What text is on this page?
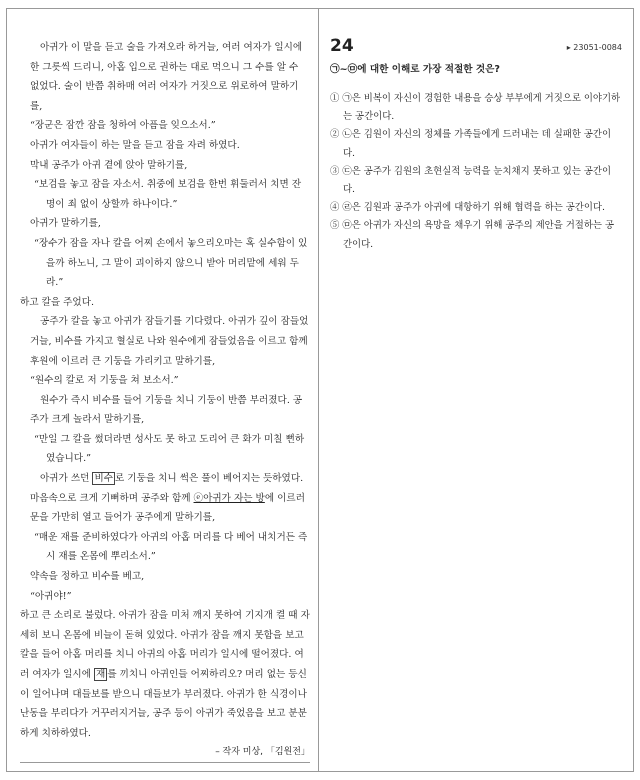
아귀가 이 말을 듣고 술을 가져오라 하거늘, 여러 여자가 일시에 한 그릇씩 드리니, 아홉 입으로 권하는 대로 먹으니 그 수를 알 수 없었다. 술이 반쯤 취하매 여러 여자가 거짓으로 위로하여 말하기를,

“장군은 잠깐 잠을 청하여 아픔을 잊으소서.”

아귀가 여자들이 하는 말을 듣고 잠을 자려 하였다.

막내 공주가 아귀 곁에 앉아 말하기를,

“보검을 놓고 잠을 자소서. 취중에 보검을 한번 휘둘러서 치면 잔명이 죄 없이 상할까 하나이다.”

아귀가 말하기를,

“장수가 잠을 자나 칼을 어찌 손에서 놓으리오마는 혹 실수함이 있을까 하노니, 그 말이 괴이하지 않으니 받아 머리맡에 세워 두라.”

하고 칼을 주었다.

공주가 칼을 놓고 아귀가 잠들기를 기다렸다. 아귀가 깊이 잠들었거늘, 비수를 가지고 혈실로 나와 원수에게 잠들었음을 이르고 함께 후원에 이르러 큰 기둥을 가리키고 말하기를,

“원수의 칼로 저 기둥을 쳐 보소서.”

원수가 즉시 비수를 들어 기둥을 치니 기둥이 반쯤 부러졌다. 공주가 크게 놀라서 말하기를,

“만일 그 칼을 썼더라면 성사도 못 하고 도리어 큰 화가 미칠 뻔하였습니다.”

아귀가 쓰던 비수 로 기둥을 치니 썩은 풀이 베어지는 듯하였다. 마음속으로 크게 기뻐하며 공주와 함께 ⓔ아귀가 자는 방에 이르러 문을 가만히 열고 들어가 공주에게 말하기를,

“매운 재를 준비하였다가 아귀의 아홉 머리를 다 베어 내치거든 즉시 재를 온몸에 뿌리소서.”

약속을 정하고 비수를 베고,

“아귀야!”

하고 큰 소리로 불렀다. 아귀가 잠을 미처 깨지 못하여 기지개 켤 때 자세히 보니 온몸에 비늘이 돋혀 있었다. 아귀가 잠을 깨지 못함을 보고 칼을 들어 아홉 머리를 치니 아귀의 아홉 머리가 일시에 떨어졌다. 여러 여자가 일시에 재 를 끼치니 아귀인들 어찌하리오? 머리 없는 등신이 일어나며 대들보를 받으니 대들보가 부러졌다. 아귀가 한 식경이나 난동을 부리다가 거꾸러지거늘, 공주 등이 아귀가 죽었음을 보고 분분하게 치하하였다.

– 작자 미상, 「김원전」

24	▸ 23051-0084
㉠~㉤에 대한 이해로 가장 적절한 것은?

① ㉠은 비복이 자신이 경험한 내용을 승상 부부에게 거짓으로 이야기하는 공간이다.

② ㉡은 김원이 자신의 정체를 가족들에게 드러내는 데 실패한 공간이다.

③ ㉢은 공주가 김원의 초현실적 능력을 눈치채지 못하고 있는 공간이다.

④ ㉣은 김원과 공주가 아귀에 대항하기 위해 협력을 하는 공간이다.

⑤ ㉤은 아귀가 자신의 욕망을 채우기 위해 공주의 제안을 거절하는 공간이다.
